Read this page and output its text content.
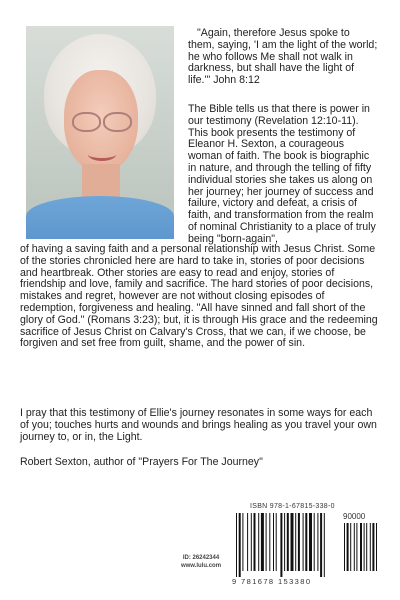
"Again, therefore Jesus spoke to them, saying, 'I am the light of the world; he who follows Me shall not walk in darkness, but shall have the light of life.'" John 8:12

The Bible tells us that there is power in our testimony (Revelation 12:10-11). This book presents the testimony of Eleanor H. Sexton, a courageous woman of faith. The book is biographic in nature, and through the telling of fifty individual stories she takes us along on her journey; her journey of success and failure, victory and defeat, a crisis of faith, and transformation from the realm of nominal Christianity to a place of truly being "born-again",

of having a saving faith and a personal relationship with Jesus Christ. Some of the stories chronicled here are hard to take in, stories of poor decisions and heartbreak. Other stories are easy to read and enjoy, stories of friendship and love, family and sacrifice. The hard stories of poor decisions, mistakes and regret, however are not without closing episodes of redemption, forgiveness and healing. "All have sinned and fall short of the glory of God." (Romans 3:23); but, it is through His grace and the redeeming sacrifice of Jesus Christ on Calvary's Cross, that we can, if we choose, be forgiven and set free from guilt, shame, and the power of sin.

I pray that this testimony of Ellie's journey resonates in some ways for each of you; touches hurts and wounds and brings healing as you travel your own journey to, or in, the Light.

Robert Sexton, author of "Prayers For The Journey"

ID: 26242344
www.lulu.com
ISBN 978-1-67815-338-0
90000
9 781678 153380
